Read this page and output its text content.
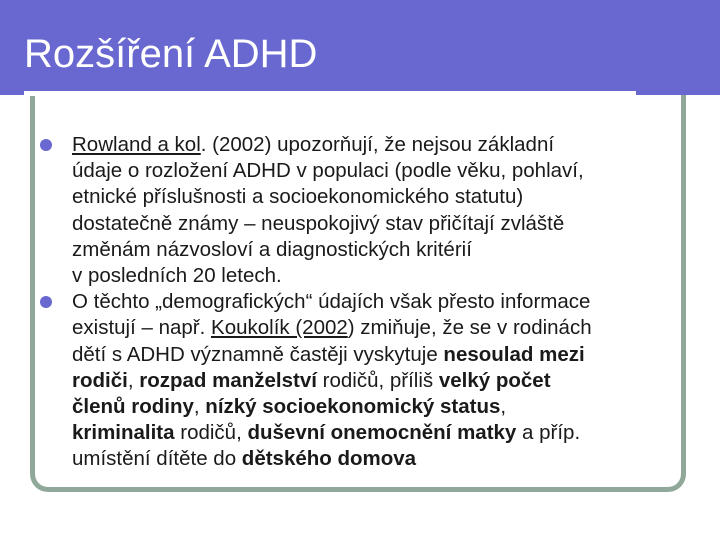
Rozšíření ADHD
Rowland a kol. (2002) upozorňují, že nejsou základní
údaje o rozložení ADHD v populaci (podle věku, pohlaví,
etnické příslušnosti a socioekonomického statutu)
dostatečně známy – neuspokojivý stav přičítají zvláště
změnám názvosloví a diagnostických kritérií
v posledních 20 letech.
O těchto „demografických“ údajích však přesto informace
existují – např. Koukolík (2002) zmiňuje, že se v rodinách
dětí s ADHD významně častěji vyskytuje nesoulad mezi
rodiči, rozpad manželství rodičů, příliš velký počet
členů rodiny, nízký socioekonomický status,
kriminalita rodičů, duševní onemocnění matky a příp.
umístění dítěte do dětského domova
